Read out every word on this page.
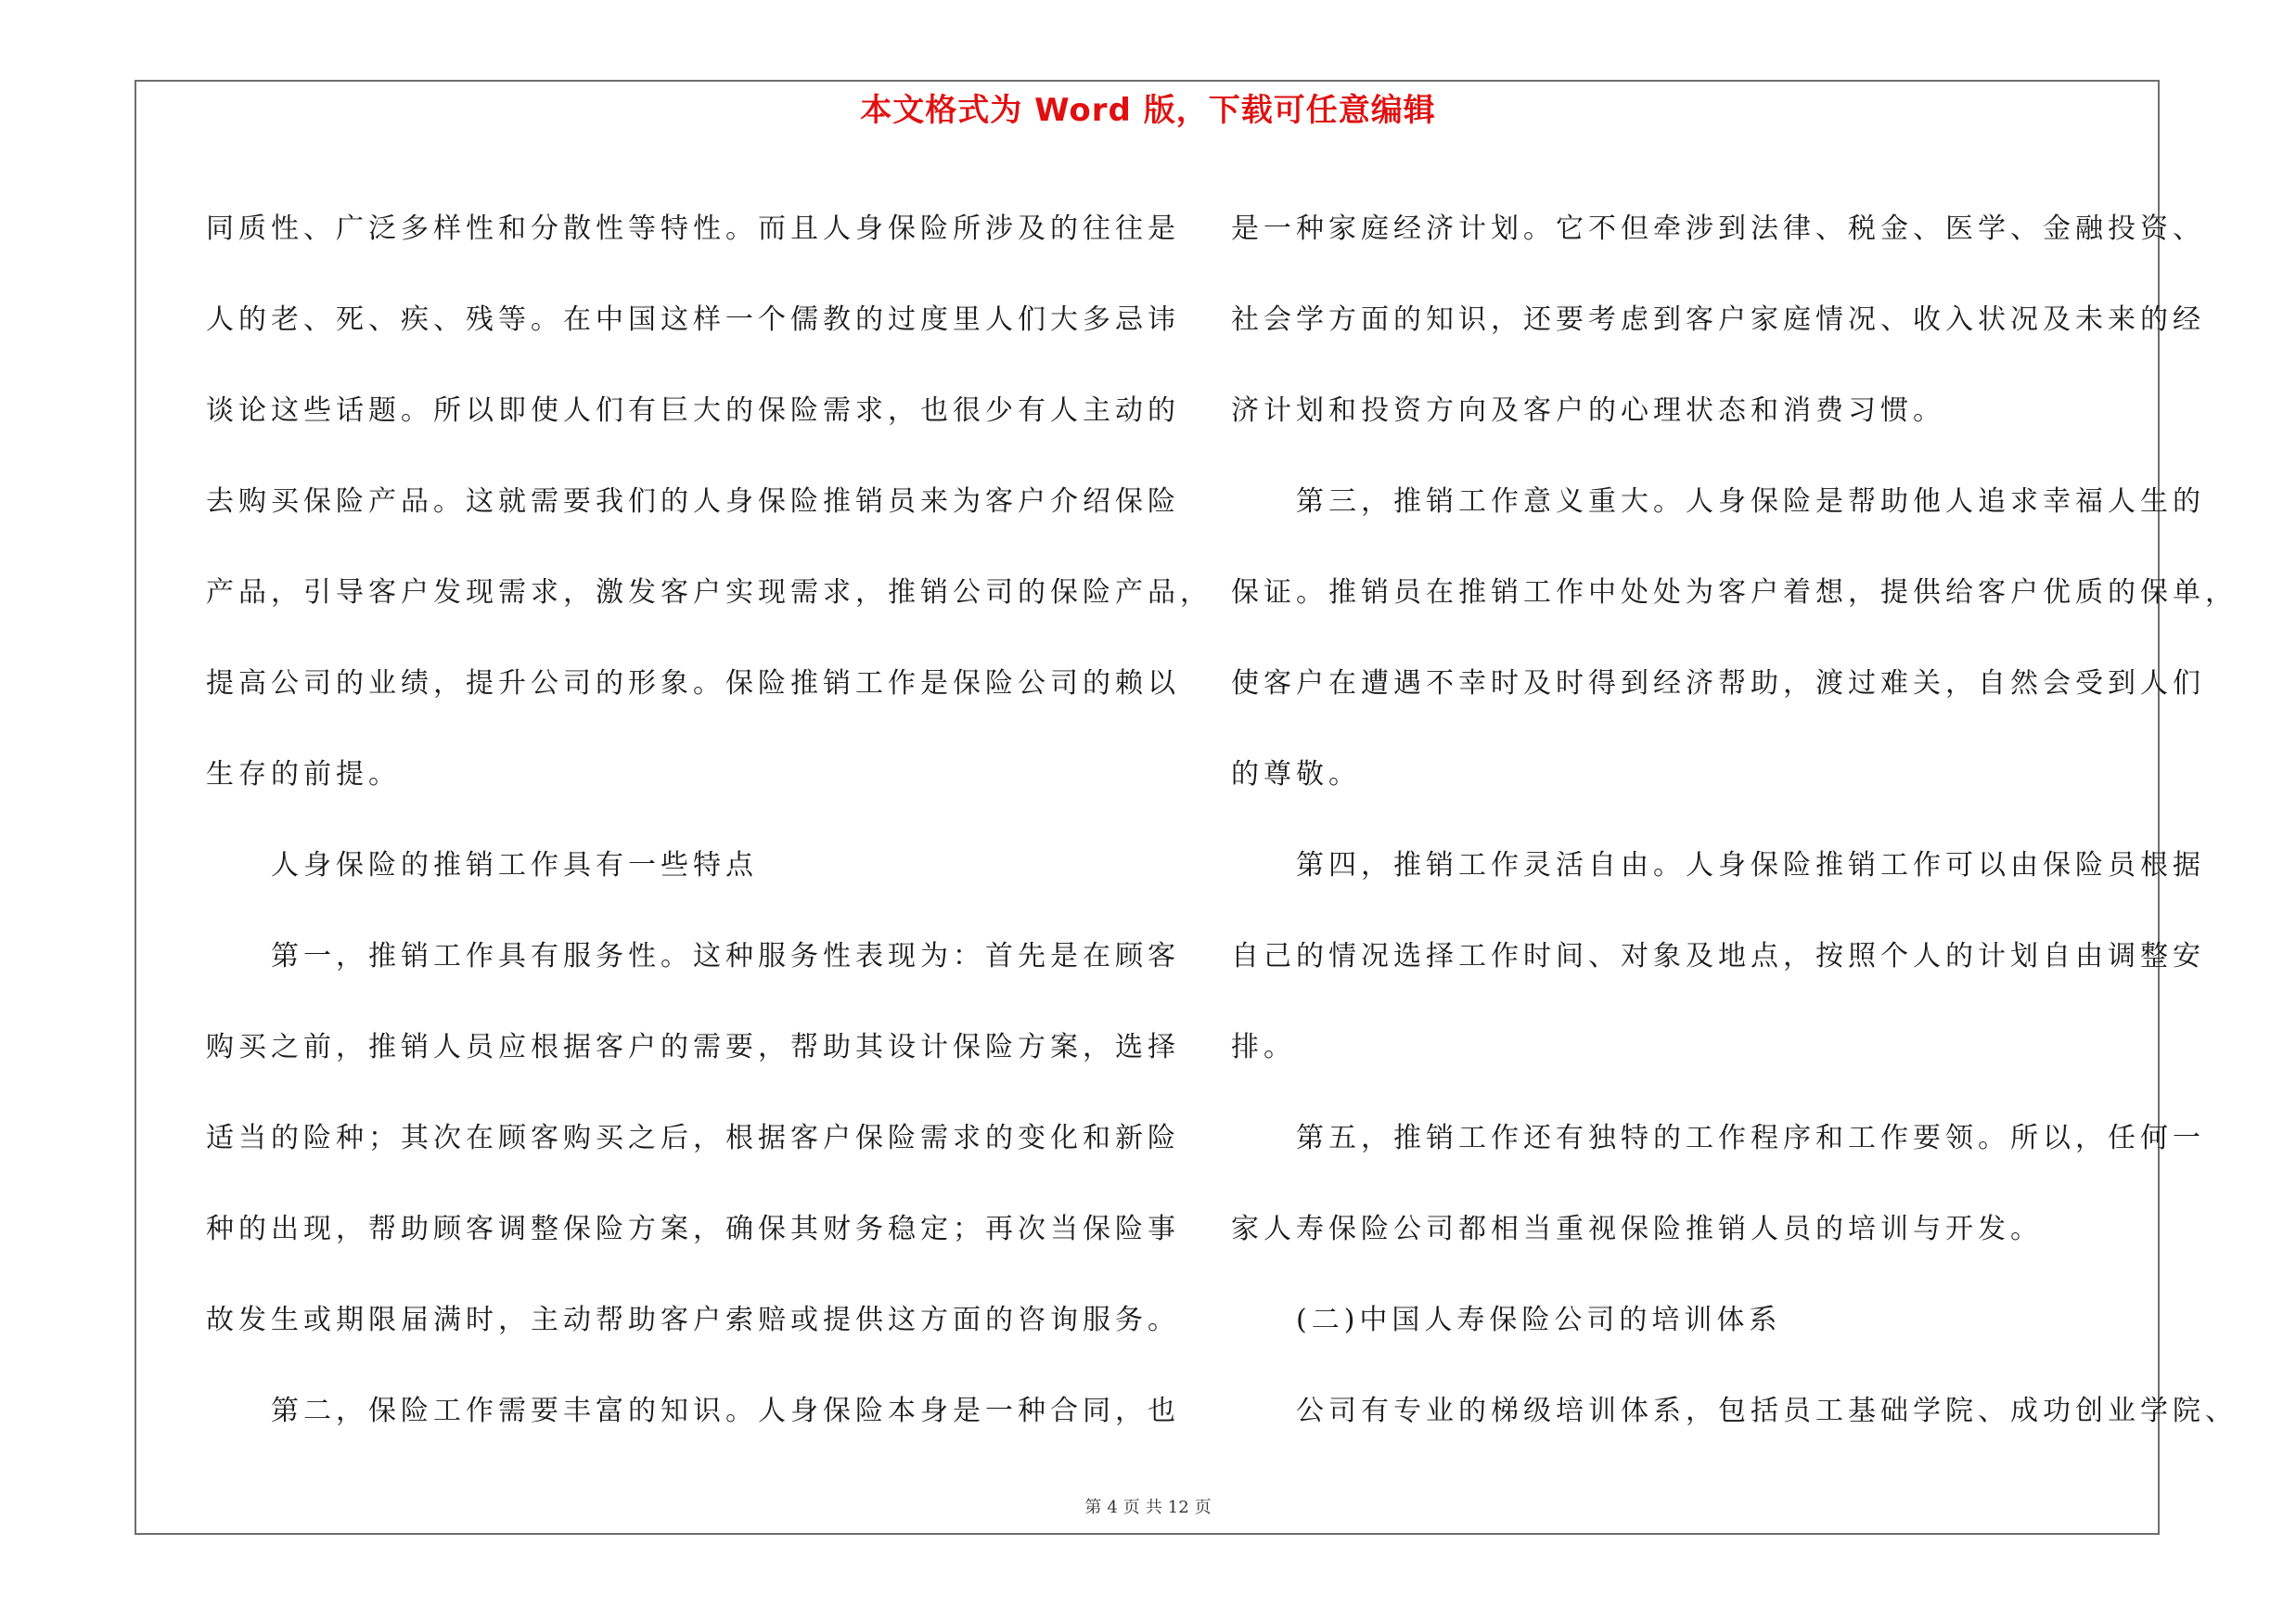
本文格式为 Word 版，下载可任意编辑
同质性、广泛多样性和分散性等特性。而且人身保险所涉及的往往是
人的老、死、疾、残等。在中国这样一个儒教的过度里人们大多忌讳
谈论这些话题。所以即使人们有巨大的保险需求，也很少有人主动的
去购买保险产品。这就需要我们的人身保险推销员来为客户介绍保险
产品，引导客户发现需求，激发客户实现需求，推销公司的保险产品，
提高公司的业绩，提升公司的形象。保险推销工作是保险公司的赖以
生存的前提。
　　人身保险的推销工作具有一些特点
　　第一，推销工作具有服务性。这种服务性表现为：首先是在顾客
购买之前，推销人员应根据客户的需要，帮助其设计保险方案，选择
适当的险种；其次在顾客购买之后，根据客户保险需求的变化和新险
种的出现，帮助顾客调整保险方案，确保其财务稳定；再次当保险事
故发生或期限届满时，主动帮助客户索赔或提供这方面的咨询服务。
　　第二，保险工作需要丰富的知识。人身保险本身是一种合同，也
是一种家庭经济计划。它不但牵涉到法律、税金、医学、金融投资、
社会学方面的知识，还要考虑到客户家庭情况、收入状况及未来的经
济计划和投资方向及客户的心理状态和消费习惯。
　　第三，推销工作意义重大。人身保险是帮助他人追求幸福人生的
保证。推销员在推销工作中处处为客户着想，提供给客户优质的保单，
使客户在遭遇不幸时及时得到经济帮助，渡过难关，自然会受到人们
的尊敬。
　　第四，推销工作灵活自由。人身保险推销工作可以由保险员根据
自己的情况选择工作时间、对象及地点，按照个人的计划自由调整安
排。
　　第五，推销工作还有独特的工作程序和工作要领。所以，任何一
家人寿保险公司都相当重视保险推销人员的培训与开发。
　　(二)中国人寿保险公司的培训体系
　　公司有专业的梯级培训体系，包括员工基础学院、成功创业学院、
第 4 页 共 12 页
